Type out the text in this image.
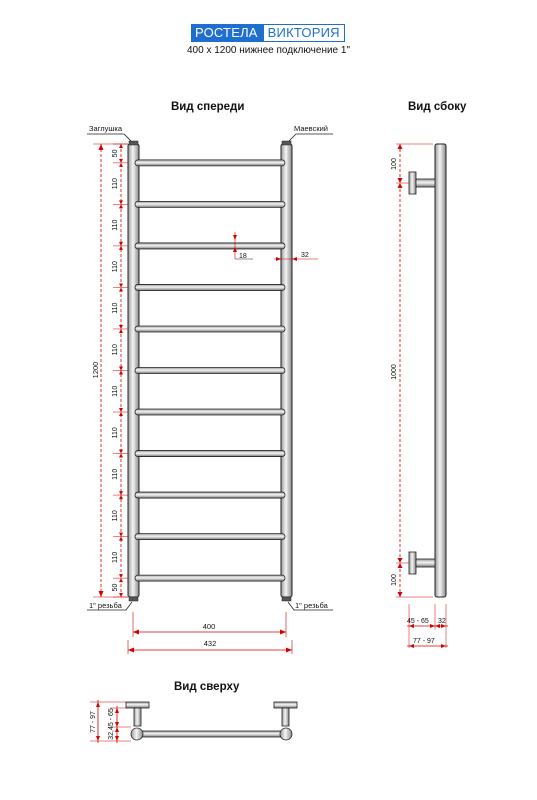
РОСТЕЛА ВИКТОРИЯ
400 x 1200 нижнее подключение 1"
Вид спереди	Вид сбоку
Вид сверху
Заглушка	Маевский
1" резьба	1" резьба
1200
50
110
110
110
110
110
110
110
110
110
110
50
18	32
400
432
100
1000
100
45 - 65 32
77 - 97
77 - 97 32,45 - 65
